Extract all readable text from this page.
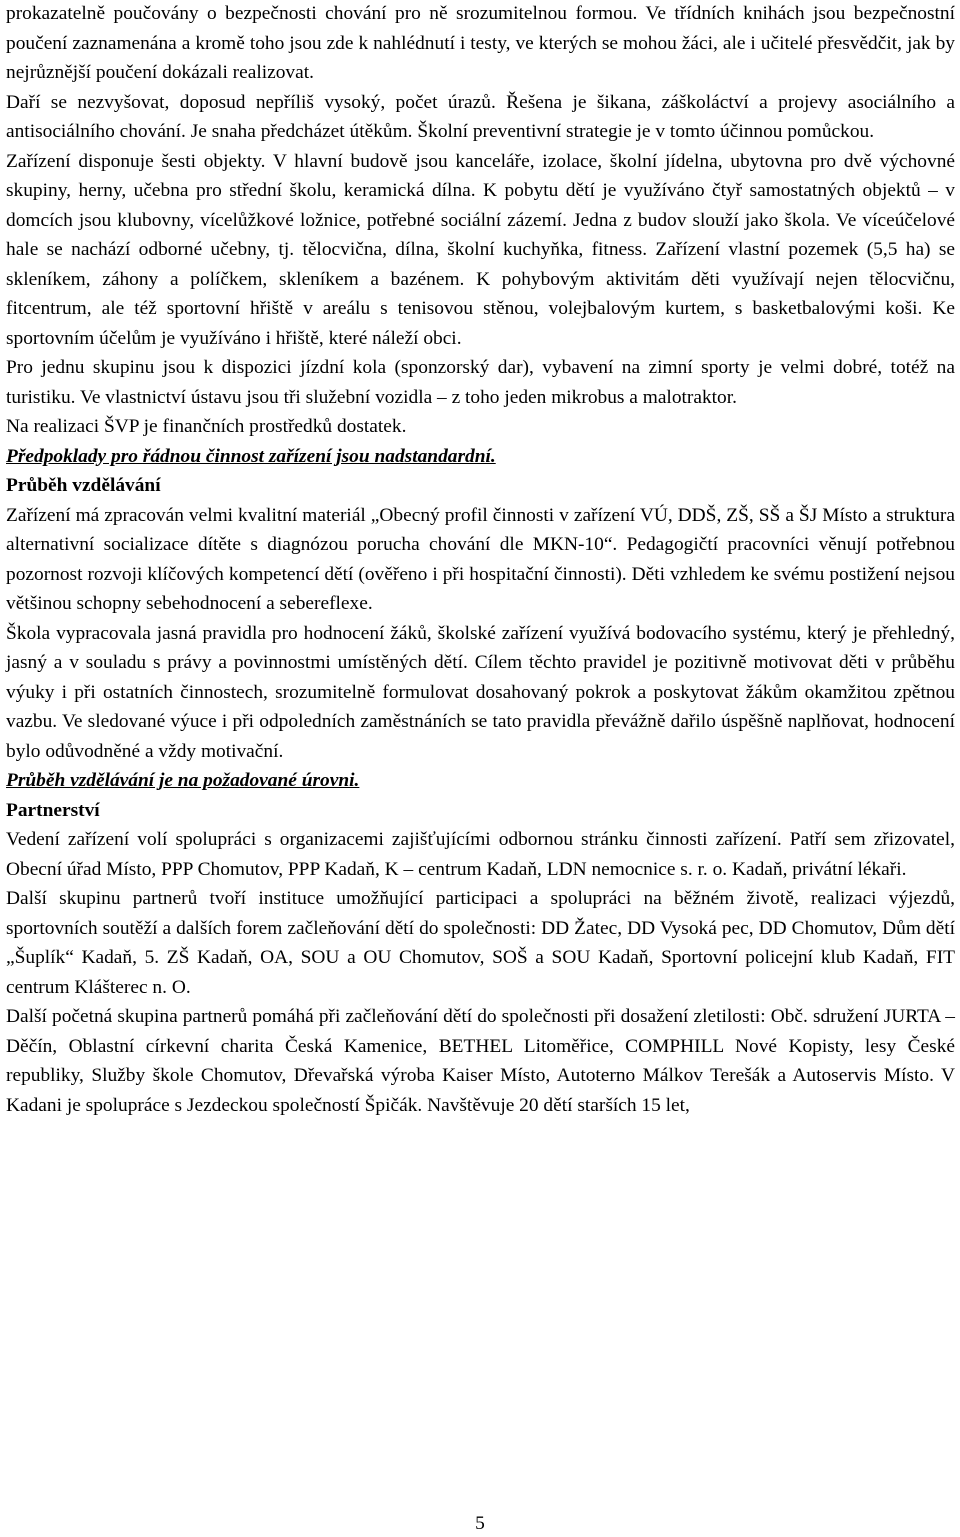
prokazatelně poučovány o bezpečnosti chování pro ně srozumitelnou formou. Ve třídních knihách jsou bezpečnostní poučení zaznamenána a kromě toho jsou zde k nahlédnutí i testy, ve kterých se mohou žáci, ale i učitelé přesvědčit, jak by nejrůznější poučení dokázali realizovat.

Daří se nezvyšovat, doposud nepříliš vysoký, počet úrazů. Řešena je šikana, záškoláctví a projevy asociálního a antisociálního chování. Je snaha předcházet útěkům. Školní preventivní strategie je v tomto účinnou pomůckou.

Zařízení disponuje šesti objekty. V hlavní budově jsou kanceláře, izolace, školní jídelna, ubytovna pro dvě výchovné skupiny, herny, učebna pro střední školu, keramická dílna. K pobytu dětí je využíváno čtyř samostatných objektů – v domcích jsou klubovny, vícelůžkové ložnice, potřebné sociální zázemí. Jedna z budov slouží jako škola. Ve víceúčelové hale se nachází odborné učebny, tj. tělocvična, dílna, školní kuchyňka, fitness. Zařízení vlastní pozemek (5,5 ha) se skleníkem, záhony a políčkem, skleníkem a bazénem. K pohybovým aktivitám děti využívají nejen tělocvičnu, fitcentrum, ale též sportovní hřiště v areálu s tenisovou stěnou, volejbalovým kurtem, s basketbalovými koši. Ke sportovním účelům je využíváno i hřiště, které náleží obci.

Pro jednu skupinu jsou k dispozici jízdní kola (sponzorský dar), vybavení na zimní sporty je velmi dobré, totéž na turistiku. Ve vlastnictví ústavu jsou tři služební vozidla – z toho jeden mikrobus a malotraktor.

Na realizaci ŠVP je finančních prostředků dostatek.

Předpoklady pro řádnou činnost zařízení jsou nadstandardní.

Průběh vzdělávání

Zařízení má zpracován velmi kvalitní materiál „Obecný profil činnosti v zařízení VÚ, DDŠ, ZŠ, SŠ a ŠJ Místo a struktura alternativní socializace dítěte s diagnózou porucha chování dle MKN-10“. Pedagogičtí pracovníci věnují potřebnou pozornost rozvoji klíčových kompetencí dětí (ověřeno i při hospitační činnosti). Děti vzhledem ke svému postižení nejsou většinou schopny sebehodnocení a sebereflexe.

Škola vypracovala jasná pravidla pro hodnocení žáků, školské zařízení využívá bodovacího systému, který je přehledný, jasný a v souladu s právy a povinnostmi umístěných dětí. Cílem těchto pravidel je pozitivně motivovat děti v průběhu výuky i při ostatních činnostech, srozumitelně formulovat dosahovaný pokrok a poskytovat žákům okamžitou zpětnou vazbu. Ve sledované výuce i při odpoledních zaměstnáních se tato pravidla převážně dařilo úspěšně naplňovat, hodnocení bylo odůvodněné a vždy motivační.

Průběh vzdělávání je na požadované úrovni.

Partnerství

Vedení zařízení volí spolupráci s organizacemi zajišťujícími odbornou stránku činnosti zařízení. Patří sem zřizovatel, Obecní úřad Místo, PPP Chomutov, PPP Kadaň, K – centrum Kadaň, LDN nemocnice s. r. o. Kadaň, privátní lékaři.

Další skupinu partnerů tvoří instituce umožňující participaci a spolupráci na běžném životě, realizaci výjezdů, sportovních soutěží a dalších forem začleňování dětí do společnosti: DD Žatec, DD Vysoká pec, DD Chomutov, Dům dětí „Šuplík“ Kadaň, 5. ZŠ Kadaň, OA, SOU a OU Chomutov, SOŠ a SOU Kadaň, Sportovní policejní klub Kadaň, FIT centrum Klášterec n. O.

Další početná skupina partnerů pomáhá při začleňování dětí do společnosti při dosažení zletilosti: Obč. sdružení JURTA – Děčín, Oblastní církevní charita Česká Kamenice, BETHEL Litoměřice, COMPHILL Nové Kopisty, lesy České republiky, Služby škole Chomutov, Dřevařská výroba Kaiser Místo, Autoterno Málkov Terešák a Autoservis Místo. V Kadani je spolupráce s Jezdeckou společností Špičák. Navštěvuje 20 dětí starších 15 let,

5
